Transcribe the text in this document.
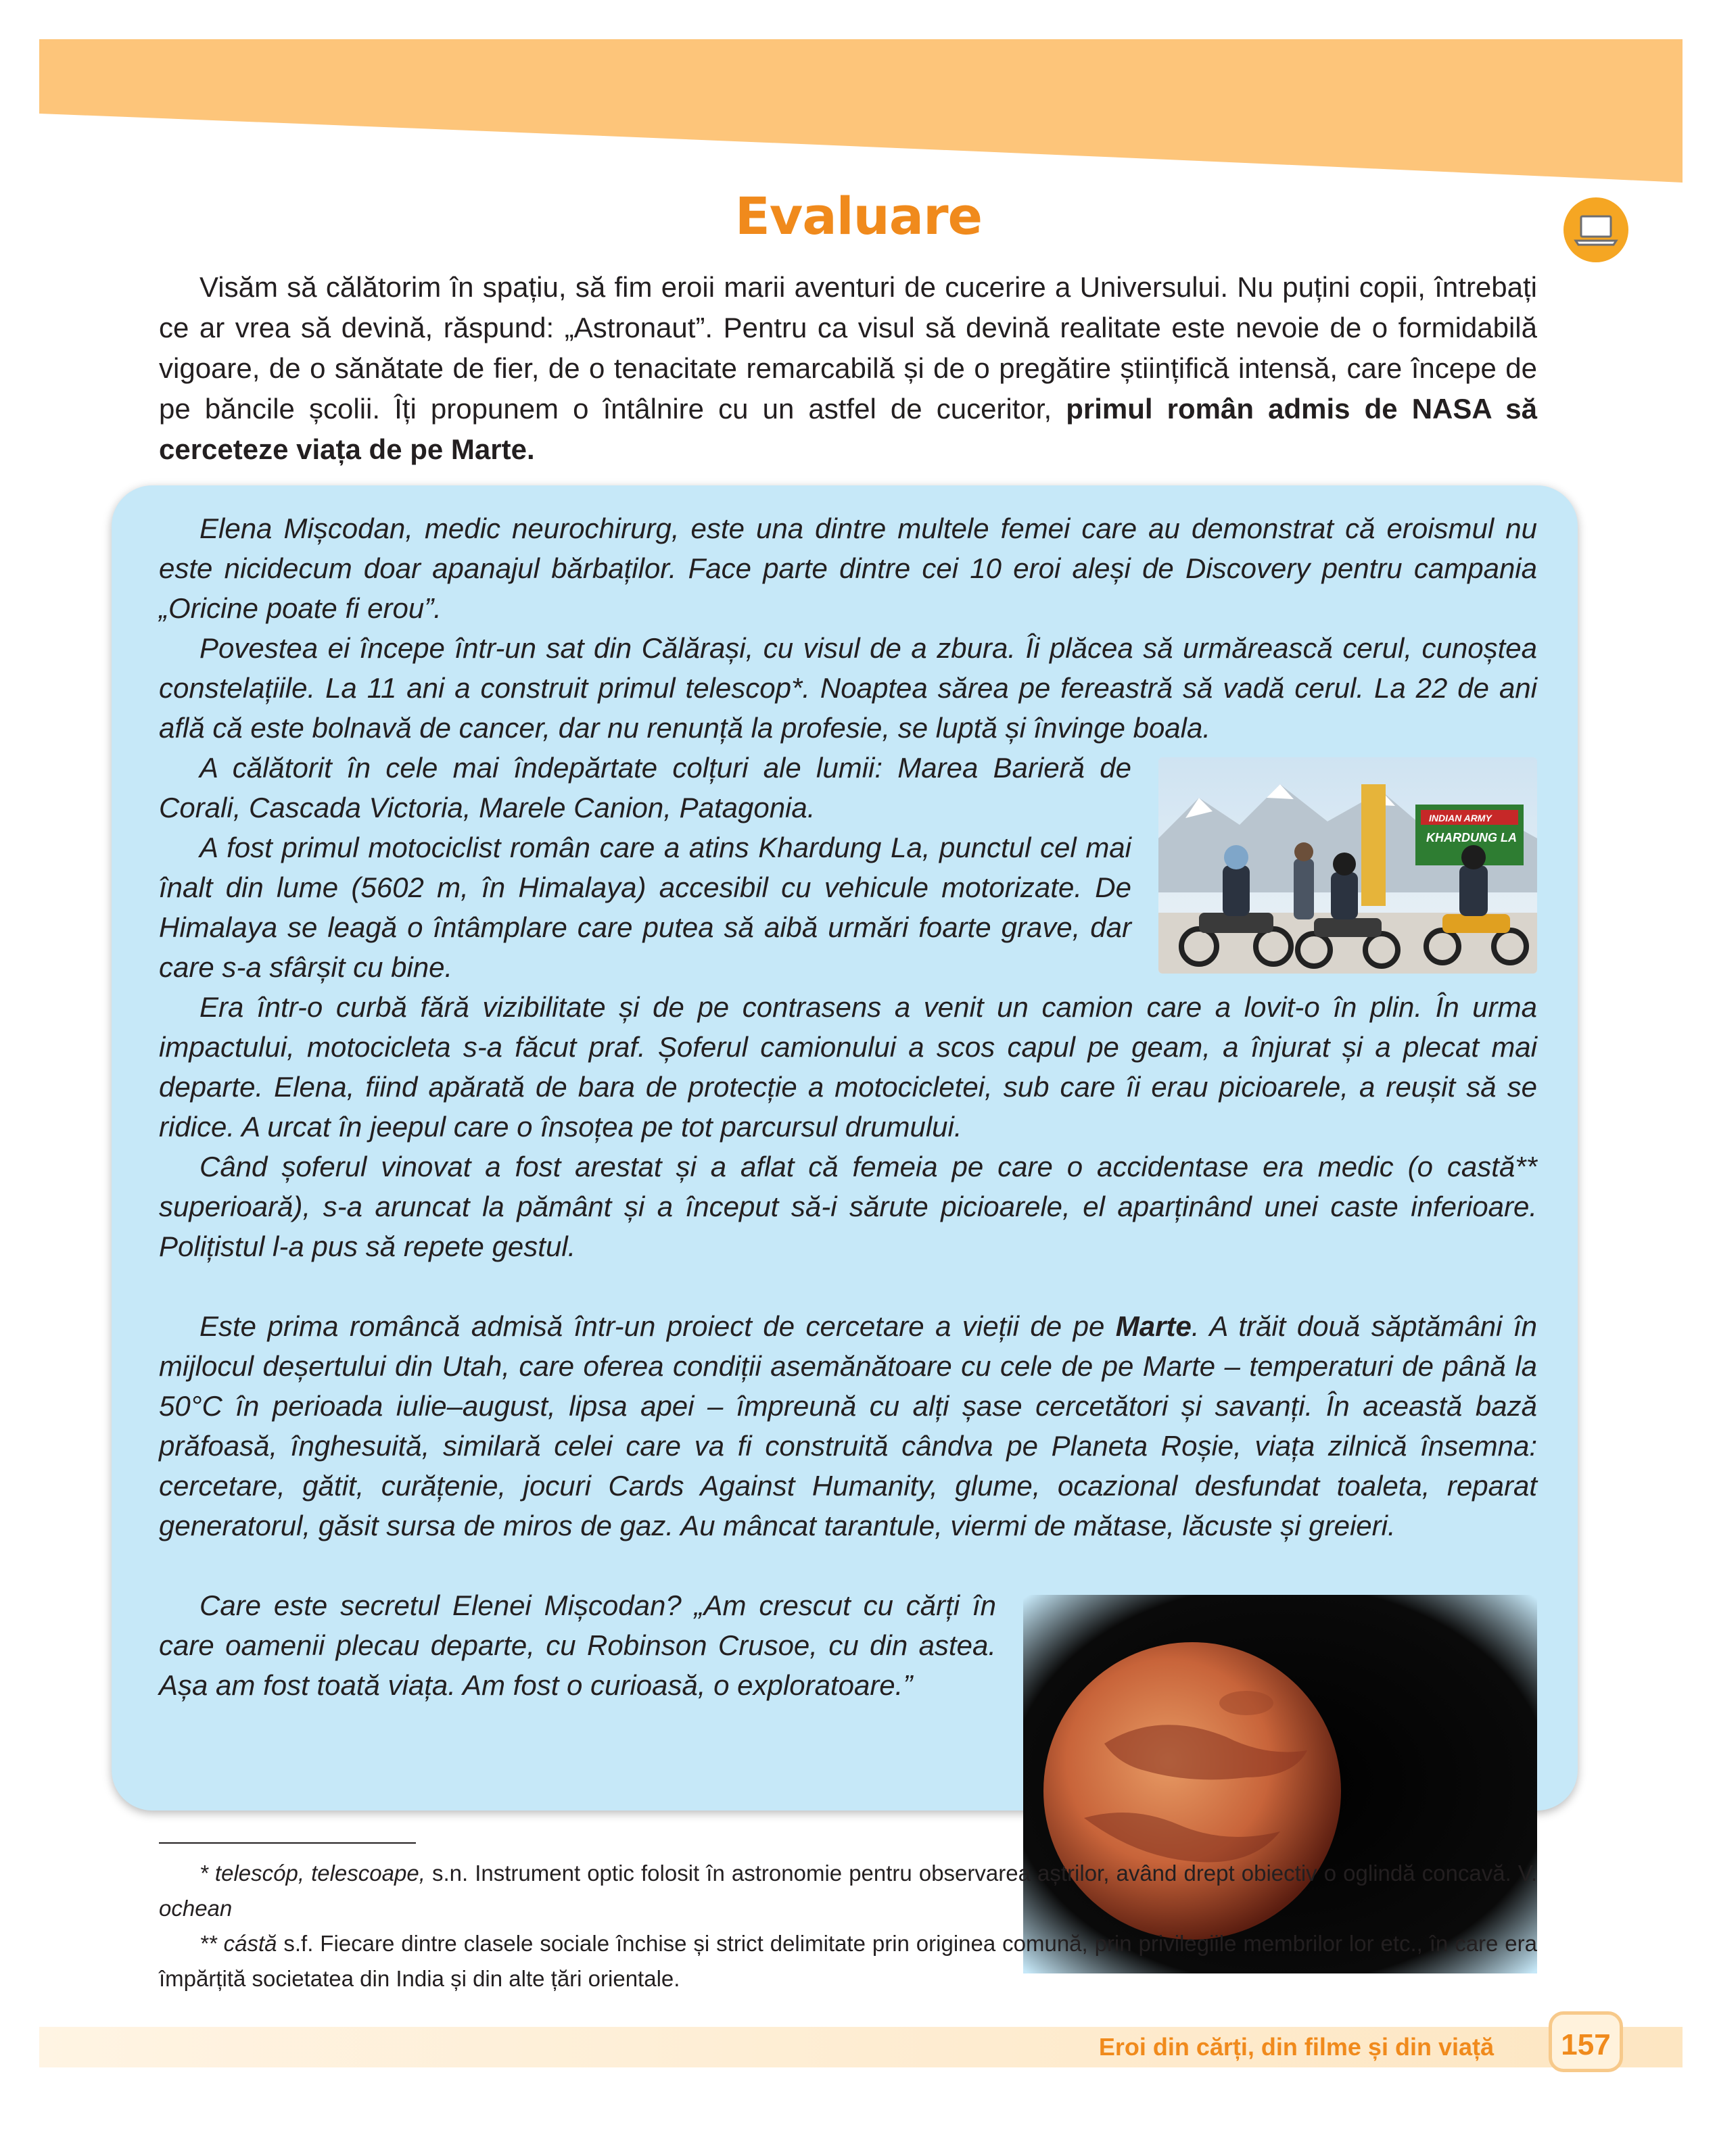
Evaluare

Visăm să călătorim în spațiu, să fim eroii marii aventuri de cucerire a Universului. Nu puțini copii, întrebați ce ar vrea să devină, răspund: „Astronaut”. Pentru ca visul să devină realitate este nevoie de o formidabilă vigoare, de o sănătate de fier, de o tenacitate remarcabilă și de o pregătire științifică intensă, care începe de pe băncile școlii. Îți propunem o întâlnire cu un astfel de cuceritor, primul român admis de NASA să cerceteze viața de pe Marte.

Elena Mișcodan, medic neurochirurg, este una dintre multele femei care au demonstrat că eroismul nu este nicidecum doar apanajul bărbaților. Face parte dintre cei 10 eroi aleși de Discovery pentru campania „Oricine poate fi erou”.

Povestea ei începe într-un sat din Călărași, cu visul de a zbura. Îi plăcea să urmărească cerul, cunoștea constelațiile. La 11 ani a construit primul telescop*. Noaptea sărea pe fereastră să vadă cerul. La 22 de ani află că este bolnavă de cancer, dar nu renunță la profesie, se luptă și învinge boala.

INDIAN ARMY
KHARDUNG LA

A călătorit în cele mai îndepărtate colțuri ale lumii: Marea Barieră de Corali, Cascada Victoria, Marele Canion, Patagonia.

A fost primul motociclist român care a atins Khardung La, punctul cel mai înalt din lume (5602 m, în Himalaya) accesibil cu vehicule motorizate. De Himalaya se leagă o întâmplare care putea să aibă urmări foarte grave, dar care s-a sfârșit cu bine.

Era într-o curbă fără vizibilitate și de pe contrasens a venit un camion care a lovit-o în plin. În urma impactului, motocicleta s-a făcut praf. Șoferul camionului a scos capul pe geam, a înjurat și a plecat mai departe. Elena, fiind apărată de bara de protecție a motocicletei, sub care îi erau picioarele, a reușit să se ridice. A urcat în jeepul care o însoțea pe tot parcursul drumului.

Când șoferul vinovat a fost arestat și a aflat că femeia pe care o accidentase era medic (o castă** superioară), s-a aruncat la pământ și a început să-i sărute picioarele, el aparținând unei caste inferioare. Polițistul l-a pus să repete gestul.

Este prima româncă admisă într-un proiect de cercetare a vieții de pe Marte. A trăit două săptămâni în mijlocul deșertului din Utah, care oferea condiții asemănătoare cu cele de pe Marte – temperaturi de până la 50°C în perioada iulie–august, lipsa apei – împreună cu alți șase cercetători și savanți. În această bază prăfoasă, înghesuită, similară celei care va fi construită cândva pe Planeta Roșie, viața zilnică însemna: cercetare, gătit, curățenie, jocuri Cards Against Humanity, glume, ocazional desfundat toaleta, reparat generatorul, găsit sursa de miros de gaz. Au mâncat tarantule, viermi de mătase, lăcuste și greieri.

Care este secretul Elenei Mișcodan? „Am crescut cu cărți în care oamenii plecau departe, cu Robinson Crusoe, cu din astea. Așa am fost toată viața. Am fost o curioasă, o exploratoare.”

* telescóp, telescoape, s.n. Instrument optic folosit în astronomie pentru observarea aștrilor, având drept obiectiv o oglindă concavă. V. ochean

** cástă s.f. Fiecare dintre clasele sociale închise și strict delimitate prin originea comună, prin privilegiile membrilor lor etc., în care era împărțită societatea din India și din alte țări orientale.

Eroi din cărți, din filme și din viață	157
